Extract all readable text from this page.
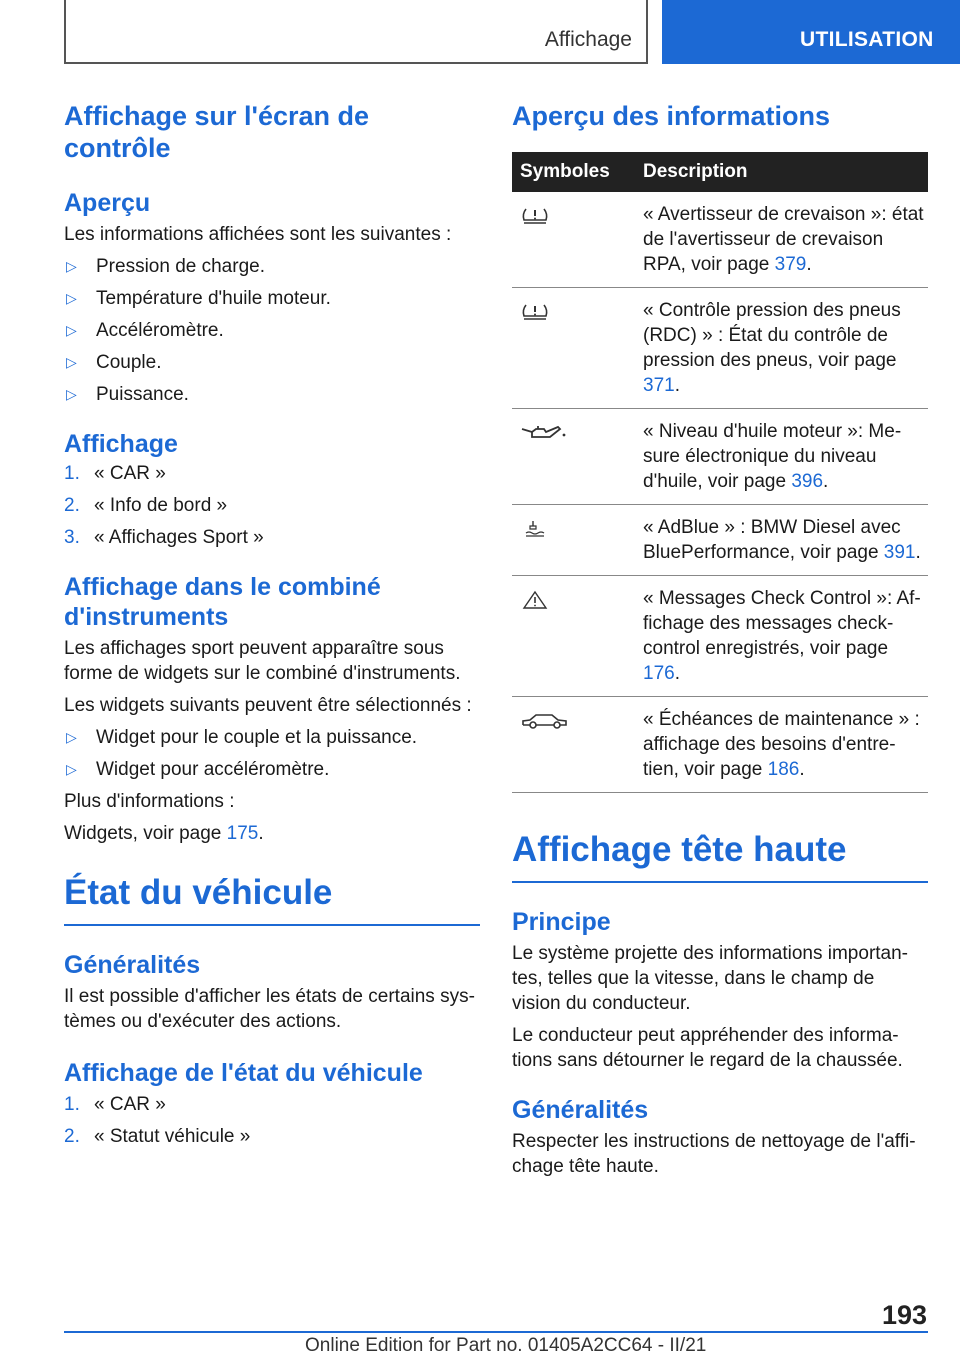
Affichage	UTILISATION
Affichage sur l'écran de contrôle
Aperçu

Les informations affichées sont les suivantes :

▷	Pression de charge.
▷	Température d'huile moteur.
▷	Accéléromètre.
▷	Couple.
▷	Puissance.
Affichage
1. « CAR »
2. « Info de bord »
3. « Affichages Sport »
Affichage dans le combiné d'instruments

Les affichages sport peuvent apparaître sous forme de widgets sur le combiné d'instruments.

Les widgets suivants peuvent être sélectionnés :

▷	Widget pour le couple et la puissance.
▷	Widget pour accéléromètre.

Plus d'informations :

Widgets, voir page 175.

État du véhicule
Généralités

Il est possible d'afficher les états de certains sys-tèmes ou d'exécuter des actions.

Affichage de l'état du véhicule
1. « CAR »
2. « Statut véhicule »
Aperçu des informations
Symboles	Description

	« Avertisseur de crevaison »: état de l'avertisseur de crevaison RPA, voir page 379.

	« Contrôle pression des pneus (RDC) » : État du contrôle de pression des pneus, voir page 371.

	« Niveau d'huile moteur »: Me-sure électronique du niveau d'huile, voir page 396.

	« AdBlue » : BMW Diesel avec BluePerformance, voir page 391.

	« Messages Check Control »: Af-fichage des messages check-control enregistrés, voir page 176.

	« Échéances de maintenance » : affichage des besoins d'entre-tien, voir page 186.
Affichage tête haute
Principe

Le système projette des informations importan-tes, telles que la vitesse, dans le champ de vision du conducteur.

Le conducteur peut appréhender des informa-tions sans détourner le regard de la chaussée.

Généralités

Respecter les instructions de nettoyage de l'affi-chage tête haute.

193
Online Edition for Part no. 01405A2CC64 - II/21
